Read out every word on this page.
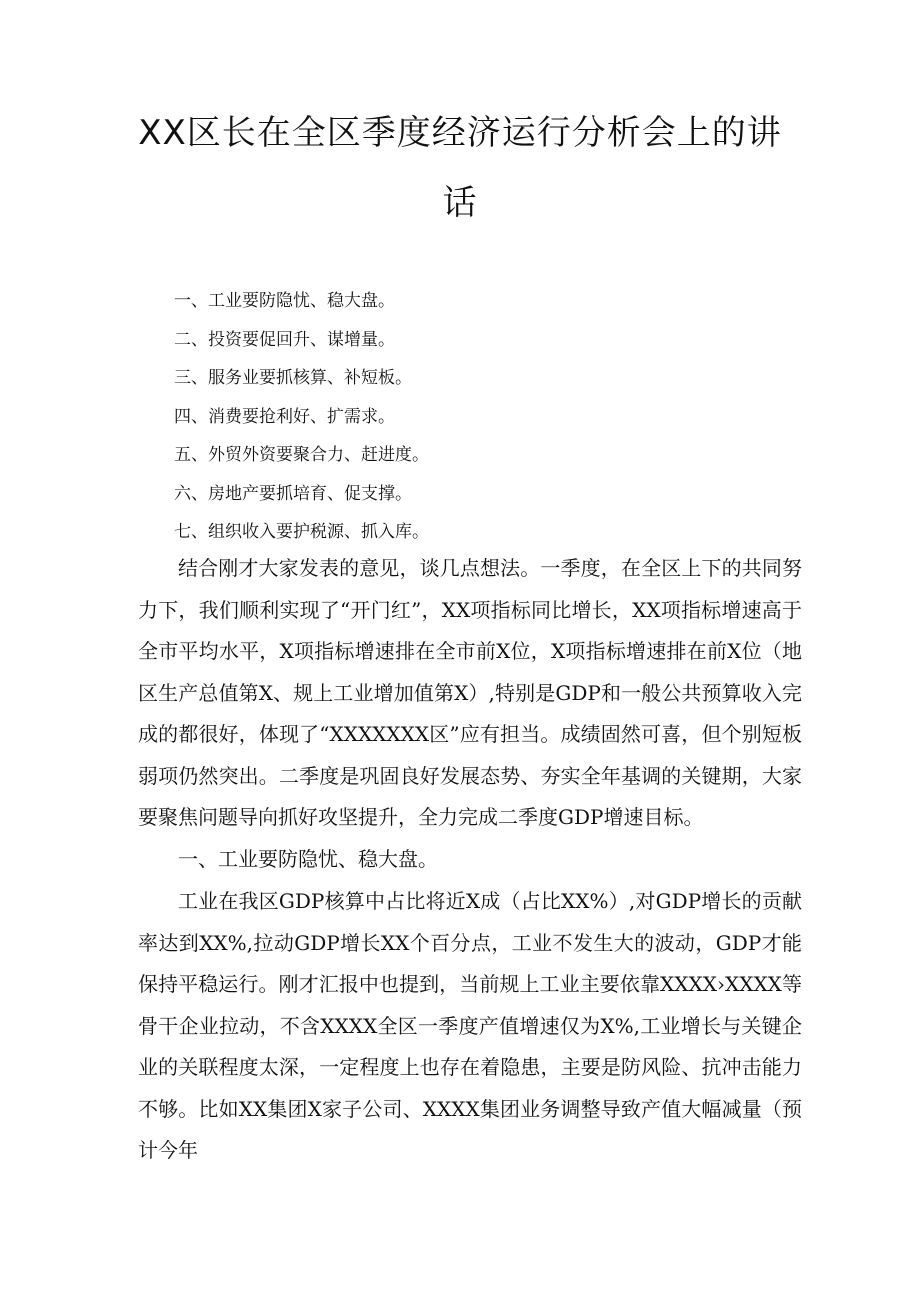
XX区长在全区季度经济运行分析会上的讲
话
一、工业要防隐忧、稳大盘。
二、投资要促回升、谋增量。
三、服务业要抓核算、补短板。
四、消费要抢利好、扩需求。
五、外贸外资要聚合力、赶进度。
六、房地产要抓培育、促支撑。
七、组织收入要护税源、抓入库。

结合刚才大家发表的意见，谈几点想法。一季度，在全区上下的共同努力下，我们顺利实现了“开门红”，XX项指标同比增长，XX项指标增速高于全市平均水平，X项指标增速排在全市前X位，X项指标增速排在前X位（地区生产总值第X、规上工业增加值第X）,特别是GDP和一般公共预算收入完成的都很好，体现了“XXXXXXX区”应有担当。成绩固然可喜，但个别短板弱项仍然突出。二季度是巩固良好发展态势、夯实全年基调的关键期，大家要聚焦问题导向抓好攻坚提升，全力完成二季度GDP增速目标。

一、工业要防隐忧、稳大盘。

工业在我区GDP核算中占比将近X成（占比XX%）,对GDP增长的贡献率达到XX%,拉动GDP增长XX个百分点，工业不发生大的波动，GDP才能保持平稳运行。刚才汇报中也提到，当前规上工业主要依靠XXXX›XXXX等骨干企业拉动，不含XXXX全区一季度产值增速仅为X%,工业增长与关键企业的关联程度太深，一定程度上也存在着隐患，主要是防风险、抗冲击能力不够。比如XX集团X家子公司、XXXX集团业务调整导致产值大幅减量（预计今年
